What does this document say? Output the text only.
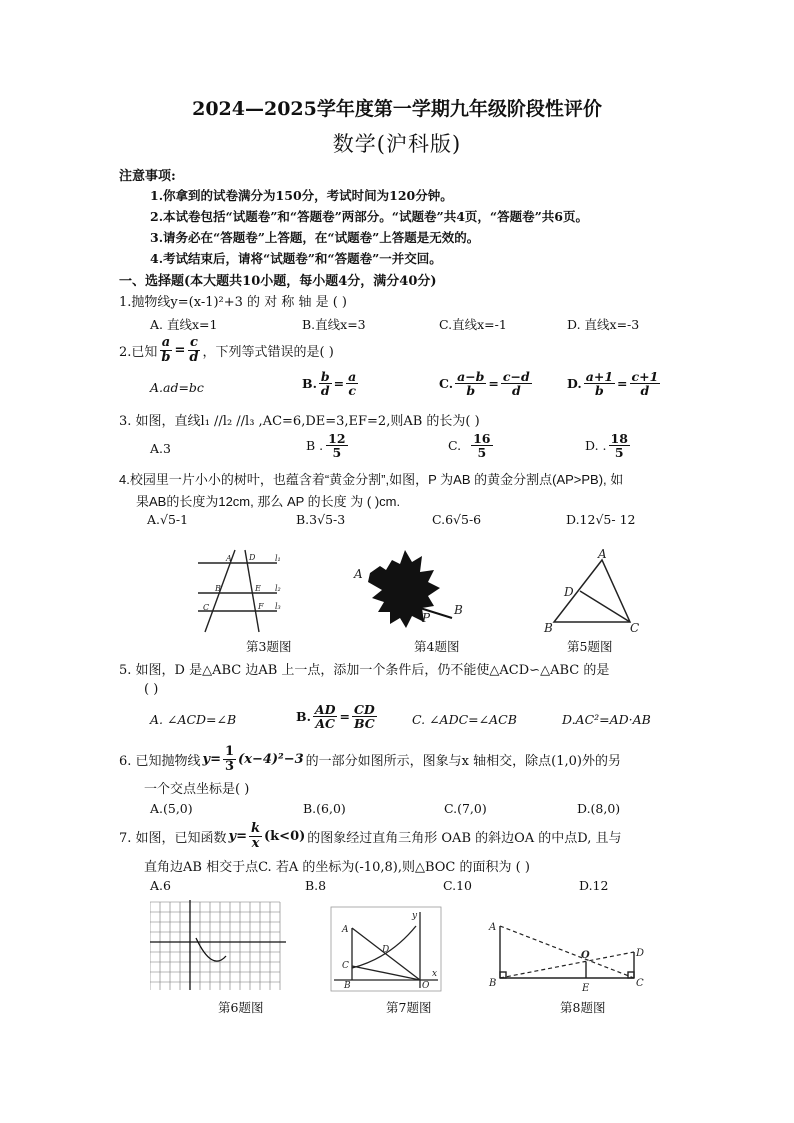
2024—2025学年度第一学期九年级阶段性评价
数学(沪科版)
注意事项:
1.你拿到的试卷满分为150分，考试时间为120分钟。
2.本试卷包括“试题卷”和“答题卷”两部分。“试题卷”共4页，“答题卷”共6页。
3.请务必在“答题卷”上答题，在“试题卷”上答题是无效的。
4.考试结束后，请将“试题卷”和“答题卷”一并交回。
一、选择题(本大题共10小题，每小题4分，满分40分)
1.抛物线y=(x-1)²+3 的 对 称 轴 是 ( )
A. 直线x=1	B.直线x=3	C.直线x=-1	D. 直线x=-3
2.已知 $\frac{a}{b} = \frac{c}{d}$ ，下列等式错误的是( )
A.ad=bc	B. $\frac{b}{d} = \frac{a}{c}$	C. $\frac{a-b}{b} = \frac{c-d}{d}$	D. $\frac{a+1}{b} = \frac{c+1}{d}$
3. 如图，直线l₁ //l₂ //l₃ ,AC=6,DE=3,EF=2,则AB 的长为( )
A.3	B . $\frac{12}{5}$	C. $\frac{16}{5}$	D. . $\frac{18}{5}$
4.校园里一片小小的树叶，也蕴含着“黄金分割”,如图，P 为AB 的黄金分割点(AP>PB), 如
果AB的长度为12cm, 那么 AP 的长度 为 ( )cm.
A.√5-1	B.3√5-3	C.6√5-6	D.12√5- 12
A D
B	E
C	F
l₁
l₂
l₃
第3题图
A
P
B
第4题图
A
D
B	C
第5题图
5. 如图，D 是△ABC 边AB 上一点，添加一个条件后，仍不能使△ACD∽△ABC 的是
( )
A. ∠ACD=∠B	B. $\frac{AD}{AC} = \frac{CD}{BC}$	C. ∠ADC=∠ACB	D.AC²=AD·AB
6. 已知抛物线 $y= \frac{1}{3} (x-4)^2-3$ 的一部分如图所示，图象与x 轴相交，除点(1,0)外的另
一个交点坐标是( )
A.(5,0)	B.(6,0)	C.(7,0)	D.(8,0)
7. 如图，已知函数 $y= \frac{k}{x} (k<0)$ 的图象经过直角三角形 OAB 的斜边OA 的中点D, 且与
直角边AB 相交于点C. 若A 的坐标为(-10,8),则△BOC 的面积为 ( )
A.6	B.8	C.10	D.12
第6题图
A
D
C
B	O
x
y
第7题图
A
O	D
B	E	C
第8题图
